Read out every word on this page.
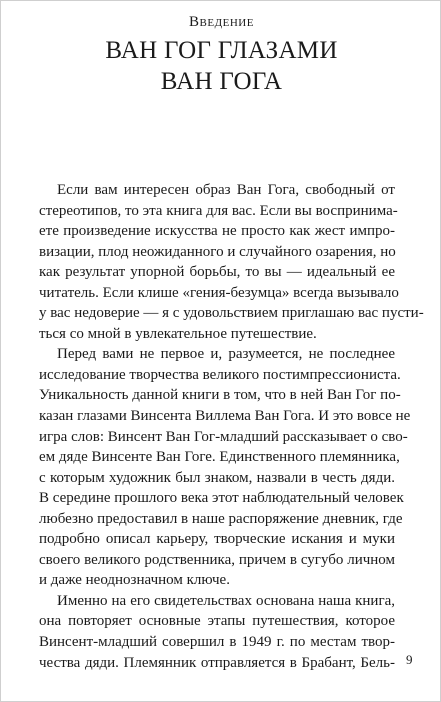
Введение
ВАН ГОГ ГЛАЗАМИ
ВАН ГОГА
Если вам интересен образ Ван Гога, свободный от
стереотипов, то эта книга для вас. Если вы воспринима-
ете произведение искусства не просто как жест импро-
визации, плод неожиданного и случайного озарения, но
как результат упорной борьбы, то вы — идеальный ее
читатель. Если клише «гения-безумца» всегда вызывало
у вас недоверие — я с удовольствием приглашаю вас пусти-
ться со мной в увлекательное путешествие.
Перед вами не первое и, разумеется, не последнее
исследование творчества великого постимпрессиониста.
Уникальность данной книги в том, что в ней Ван Гог по-
казан глазами Винсента Виллема Ван Гога. И это вовсе не
игра слов: Винсент Ван Гог-младший рассказывает о сво-
ем дяде Винсенте Ван Гоге. Единственного племянника,
с которым художник был знаком, назвали в честь дяди.
В середине прошлого века этот наблюдательный человек
любезно предоставил в наше распоряжение дневник, где
подробно описал карьеру, творческие искания и муки
своего великого родственника, причем в сугубо личном
и даже неоднозначном ключе.
Именно на его свидетельствах основана наша книга,
она повторяет основные этапы путешествия, которое
Винсент-младший совершил в 1949 г. по местам твор-
чества дяди. Племянник отправляется в Брабант, Бель- 9
